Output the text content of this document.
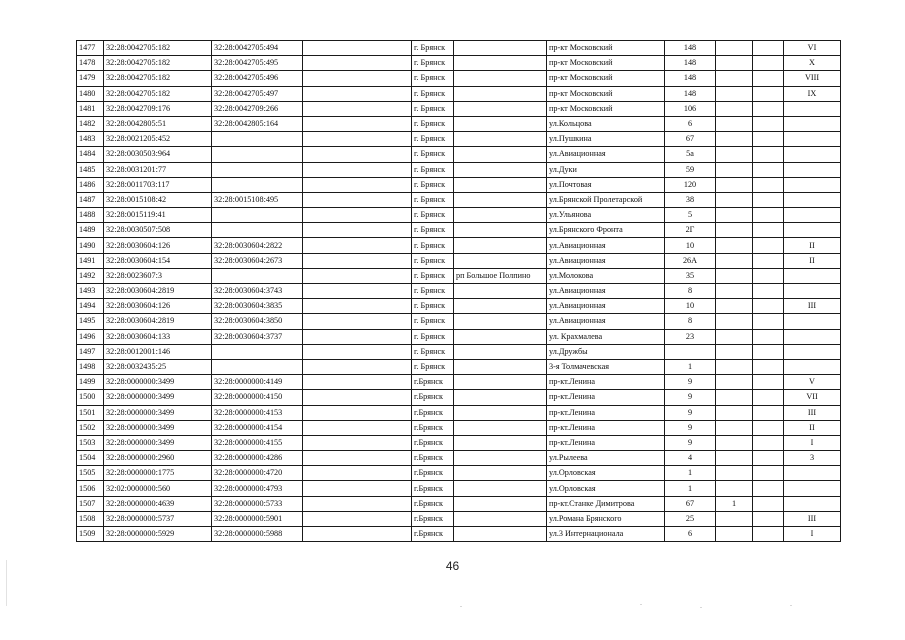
1477	32:28:0042705:182	32:28:0042705:494		г. Брянск		пр-кт Московский	148			VI
1478	32:28:0042705:182	32:28:0042705:495		г. Брянск		пр-кт Московский	148			X
1479	32:28:0042705:182	32:28:0042705:496		г. Брянск		пр-кт Московский	148			VIII
1480	32:28:0042705:182	32:28:0042705:497		г. Брянск		пр-кт Московский	148			IX
1481	32:28:0042709:176	32:28:0042709:266		г. Брянск		пр-кт Московский	106			
1482	32:28:0042805:51	32:28:0042805:164		г. Брянск		ул.Кольцова	6			
1483	32:28:0021205:452			г. Брянск		ул.Пушкина	67			
1484	32:28:0030503:964			г. Брянск		ул.Авиационная	5а			
1485	32:28:0031201:77			г. Брянск		ул.Дуки	59			
1486	32:28:0011703:117			г. Брянск		ул.Почтовая	120			
1487	32:28:0015108:42	32:28:0015108:495		г. Брянск		ул.Брянской Пролетарской	38			
1488	32:28:0015119:41			г. Брянск		ул.Ульянова	5			
1489	32:28:0030507:508			г. Брянск		ул.Брянского Фронта	2Г			
1490	32:28:0030604:126	32:28:0030604:2822		г. Брянск		ул.Авиационная	10			II
1491	32:28:0030604:154	32:28:0030604:2673		г. Брянск		ул.Авиационная	26А			II
1492	32:28:0023607:3			г. Брянск	рп Большое Полпино	ул.Молокова	35			
1493	32:28:0030604:2819	32:28:0030604:3743		г. Брянск		ул.Авиационная	8			
1494	32:28:0030604:126	32:28:0030604:3835		г. Брянск		ул.Авиационная	10			III
1495	32:28:0030604:2819	32:28:0030604:3850		г. Брянск		ул.Авиационная	8			
1496	32:28:0030604:133	32:28:0030604:3737		г. Брянск		ул. Крахмалева	23			
1497	32:28:0012001:146			г. Брянск		ул.Дружбы				
1498	32:28:0032435:25			г. Брянск		3-я Толмачевская	1			
1499	32:28:0000000:3499	32:28:0000000:4149		г.Брянск		пр-кт.Ленина	9			V
1500	32:28:0000000:3499	32:28:0000000:4150		г.Брянск		пр-кт.Ленина	9			VII
1501	32:28:0000000:3499	32:28:0000000:4153		г.Брянск		пр-кт.Ленина	9			III
1502	32:28:0000000:3499	32:28:0000000:4154		г.Брянск		пр-кт.Ленина	9			II
1503	32:28:0000000:3499	32:28:0000000:4155		г.Брянск		пр-кт.Ленина	9			I
1504	32:28:0000000:2960	32:28:0000000:4286		г.Брянск		ул.Рылеева	4			3
1505	32:28:0000000:1775	32:28:0000000:4720		г.Брянск		ул.Орловская	1			
1506	32:02:0000000:560	32:28:0000000:4793		г.Брянск		ул.Орловская	1			
1507	32:28:0000000:4639	32:28:0000000:5733		г.Брянск		пр-кт.Станке Димитрова	67	1		
1508	32:28:0000000:5737	32:28:0000000:5901		г.Брянск		ул.Романа Брянского	25			III
1509	32:28:0000000:5929	32:28:0000000:5988		г.Брянск		ул.3 Интернационала	6			I
46
